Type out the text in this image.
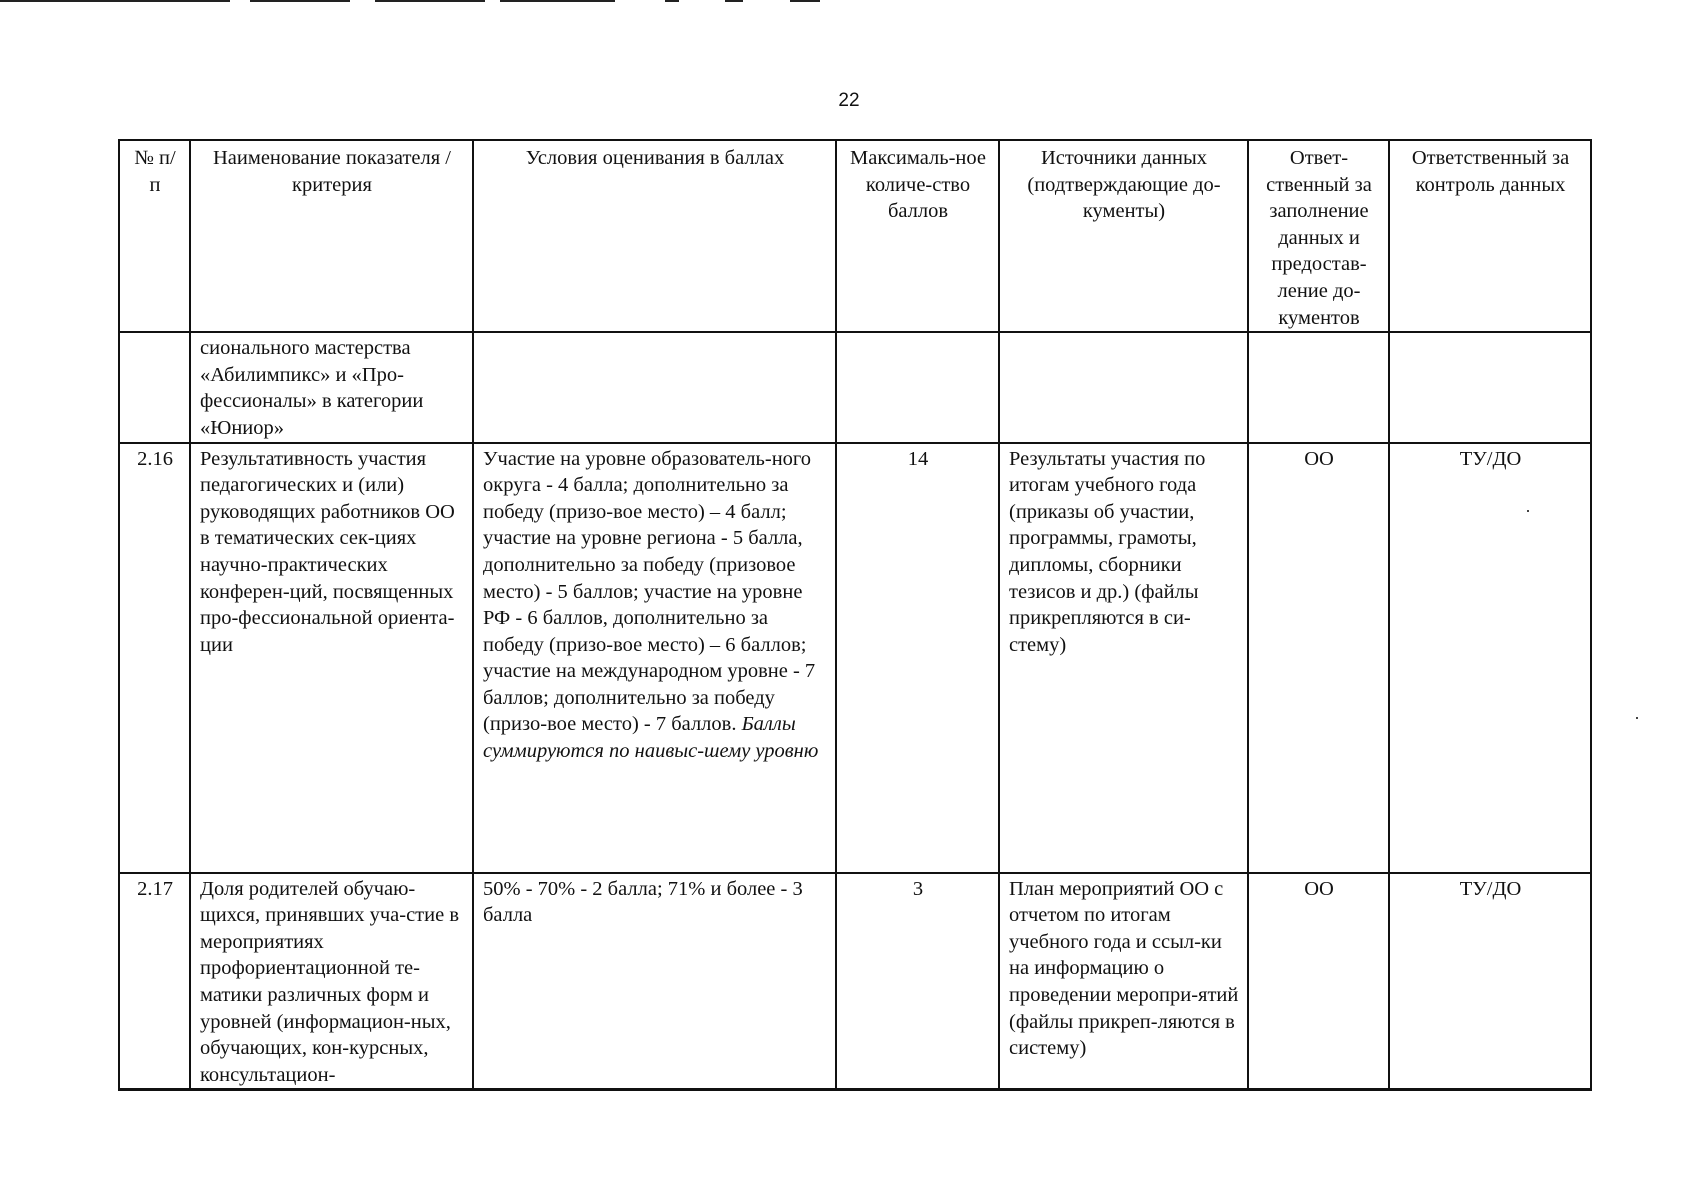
22
№ п/п	Наименование показателя / критерия	Условия оценивания в баллах	Максималь-ное количе-ство баллов	Источники данных (подтверждающие до-кументы)	Ответ-ственный за заполнение данных и предостав-ление до-кументов	Ответственный за контроль данных
	сионального мастерства «Абилимпикс» и «Про-фессионалы» в категории «Юниор»					
2.16	Результативность участия педагогических и (или) руководящих работников ОО в тематических сек-циях научно-практических конферен-ций, посвященных про-фессиональной ориента-ции	Участие на уровне образователь-ного округа - 4 балла; дополнительно за победу (призо-вое место) – 4 балл; участие на уровне региона - 5 балла, дополнительно за победу (призовое место) - 5 баллов; участие на уровне РФ - 6 баллов, дополнительно за победу (призо-вое место) – 6 баллов; участие на международном уровне - 7 баллов; дополнительно за победу (призо-вое место) - 7 баллов. Баллы суммируются по наивыс-шему уровню	14	Результаты участия по итогам учебного года (приказы об участии, программы, грамоты, дипломы, сборники тезисов и др.) (файлы прикрепляются в си-стему)	ОО	ТУ/ДО
2.17	Доля родителей обучаю-щихся, принявших уча-стие в мероприятиях профориентационной те-матики различных форм и уровней (информацион-ных, обучающих, кон-курсных, консультацион-	50% - 70% - 2 балла; 71% и более - 3 балла	3	План мероприятий ОО с отчетом по итогам учебного года и ссыл-ки на информацию о проведении меропри-ятий (файлы прикреп-ляются в систему)	ОО	ТУ/ДО
